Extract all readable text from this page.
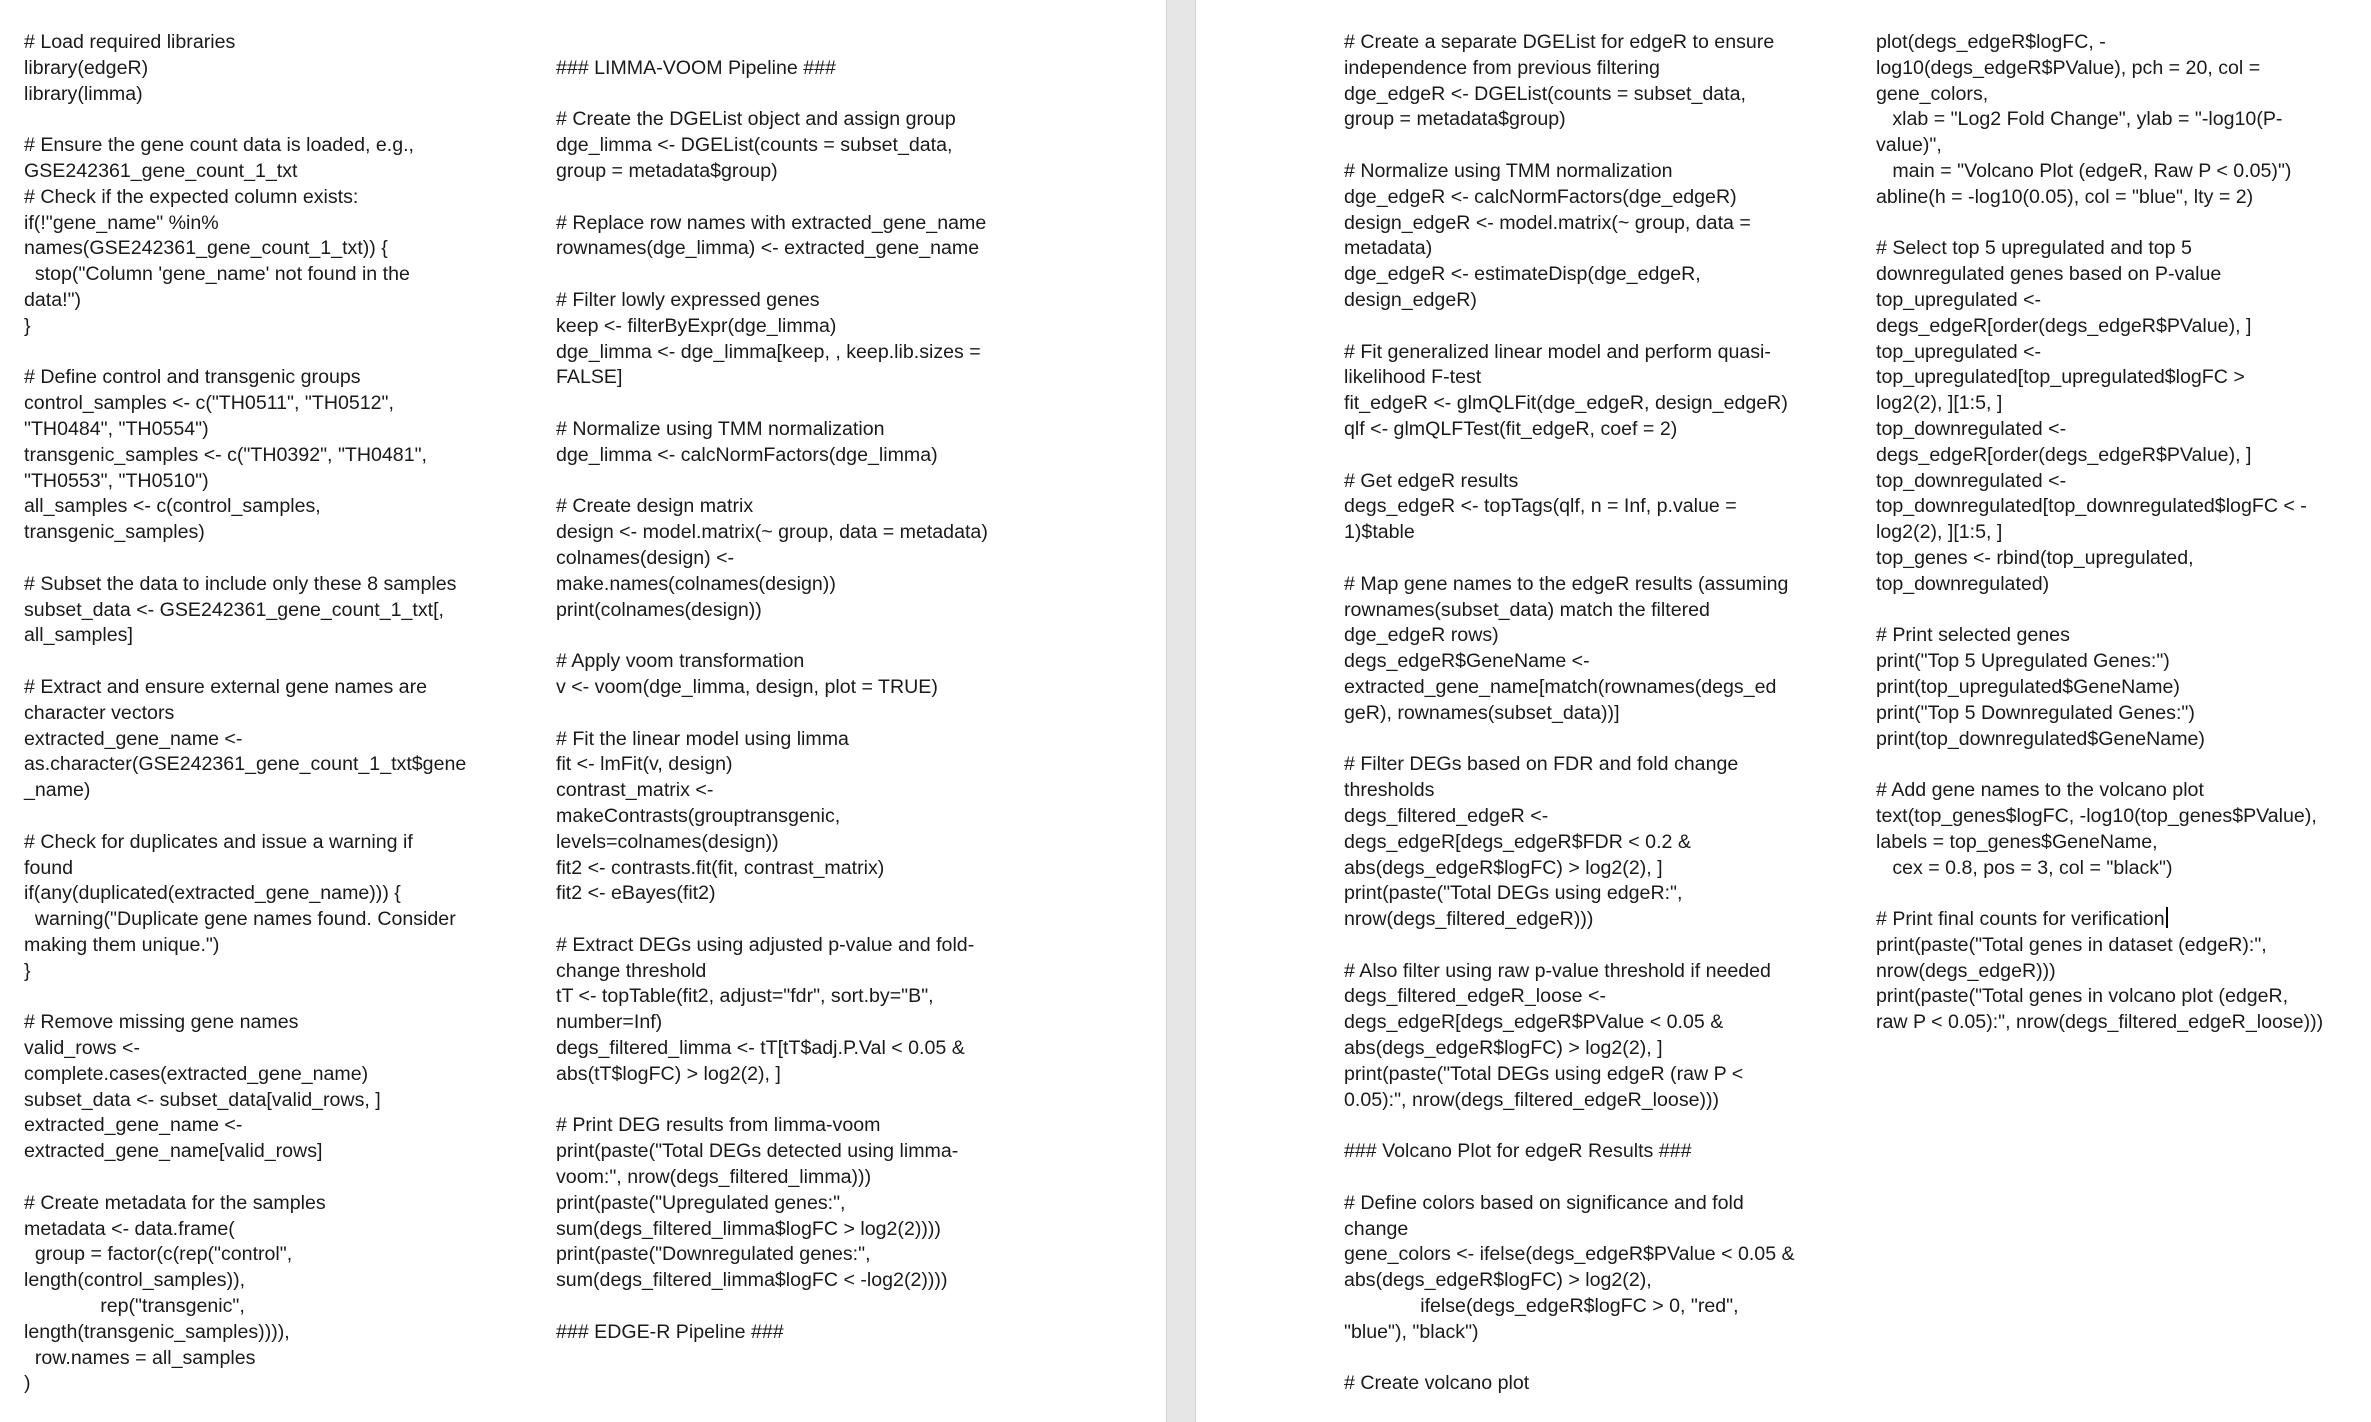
# Load required libraries
library(edgeR)
library(limma)
# Ensure the gene count data is loaded, e.g.,
GSE242361_gene_count_1_txt
# Check if the expected column exists:
if(!"gene_name" %in%
names(GSE242361_gene_count_1_txt)) {
stop("Column 'gene_name' not found in the
data!")
}
# Define control and transgenic groups
control_samples <- c("TH0511", "TH0512",
"TH0484", "TH0554")
transgenic_samples <- c("TH0392", "TH0481",
"TH0553", "TH0510")
all_samples <- c(control_samples,
transgenic_samples)
# Subset the data to include only these 8 samples
subset_data <- GSE242361_gene_count_1_txt[,
all_samples]
# Extract and ensure external gene names are
character vectors
extracted_gene_name <-
as.character(GSE242361_gene_count_1_txt$gene
_name)
# Check for duplicates and issue a warning if
found
if(any(duplicated(extracted_gene_name))) {
warning("Duplicate gene names found. Consider
making them unique.")
}
# Remove missing gene names
valid_rows <-
complete.cases(extracted_gene_name)
subset_data <- subset_data[valid_rows, ]
extracted_gene_name <-
extracted_gene_name[valid_rows]
# Create metadata for the samples
metadata <- data.frame(
group = factor(c(rep("control",
length(control_samples)),
rep("transgenic",
length(transgenic_samples)))),
row.names = all_samples
)
### LIMMA-VOOM Pipeline ###
# Create the DGEList object and assign group
dge_limma <- DGEList(counts = subset_data,
group = metadata$group)
# Replace row names with extracted_gene_name
rownames(dge_limma) <- extracted_gene_name
# Filter lowly expressed genes
keep <- filterByExpr(dge_limma)
dge_limma <- dge_limma[keep, , keep.lib.sizes =
FALSE]
# Normalize using TMM normalization
dge_limma <- calcNormFactors(dge_limma)
# Create design matrix
design <- model.matrix(~ group, data = metadata)
colnames(design) <-
make.names(colnames(design))
print(colnames(design))
# Apply voom transformation
v <- voom(dge_limma, design, plot = TRUE)
# Fit the linear model using limma
fit <- lmFit(v, design)
contrast_matrix <-
makeContrasts(grouptransgenic,
levels=colnames(design))
fit2 <- contrasts.fit(fit, contrast_matrix)
fit2 <- eBayes(fit2)
# Extract DEGs using adjusted p-value and fold-
change threshold
tT <- topTable(fit2, adjust="fdr", sort.by="B",
number=Inf)
degs_filtered_limma <- tT[tT$adj.P.Val < 0.05 &
abs(tT$logFC) > log2(2), ]
# Print DEG results from limma-voom
print(paste("Total DEGs detected using limma-
voom:", nrow(degs_filtered_limma)))
print(paste("Upregulated genes:",
sum(degs_filtered_limma$logFC > log2(2))))
print(paste("Downregulated genes:",
sum(degs_filtered_limma$logFC < -log2(2))))
### EDGE-R Pipeline ###
# Create a separate DGEList for edgeR to ensure
independence from previous filtering
dge_edgeR <- DGEList(counts = subset_data,
group = metadata$group)
# Normalize using TMM normalization
dge_edgeR <- calcNormFactors(dge_edgeR)
design_edgeR <- model.matrix(~ group, data =
metadata)
dge_edgeR <- estimateDisp(dge_edgeR,
design_edgeR)
# Fit generalized linear model and perform quasi-
likelihood F-test
fit_edgeR <- glmQLFit(dge_edgeR, design_edgeR)
qlf <- glmQLFTest(fit_edgeR, coef = 2)
# Get edgeR results
degs_edgeR <- topTags(qlf, n = Inf, p.value =
1)$table
# Map gene names to the edgeR results (assuming
rownames(subset_data) match the filtered
dge_edgeR rows)
degs_edgeR$GeneName <-
extracted_gene_name[match(rownames(degs_ed
geR), rownames(subset_data))]
# Filter DEGs based on FDR and fold change
thresholds
degs_filtered_edgeR <-
degs_edgeR[degs_edgeR$FDR < 0.2 &
abs(degs_edgeR$logFC) > log2(2), ]
print(paste("Total DEGs using edgeR:",
nrow(degs_filtered_edgeR)))
# Also filter using raw p-value threshold if needed
degs_filtered_edgeR_loose <-
degs_edgeR[degs_edgeR$PValue < 0.05 &
abs(degs_edgeR$logFC) > log2(2), ]
print(paste("Total DEGs using edgeR (raw P <
0.05):", nrow(degs_filtered_edgeR_loose)))
### Volcano Plot for edgeR Results ###
# Define colors based on significance and fold
change
gene_colors <- ifelse(degs_edgeR$PValue < 0.05 &
abs(degs_edgeR$logFC) > log2(2),
ifelse(degs_edgeR$logFC > 0, "red",
"blue"), "black")
# Create volcano plot
plot(degs_edgeR$logFC, -
log10(degs_edgeR$PValue), pch = 20, col =
gene_colors,
xlab = "Log2 Fold Change", ylab = "-log10(P-
value)",
main = "Volcano Plot (edgeR, Raw P < 0.05)")
abline(h = -log10(0.05), col = "blue", lty = 2)
# Select top 5 upregulated and top 5
downregulated genes based on P-value
top_upregulated <-
degs_edgeR[order(degs_edgeR$PValue), ]
top_upregulated <-
top_upregulated[top_upregulated$logFC >
log2(2), ][1:5, ]
top_downregulated <-
degs_edgeR[order(degs_edgeR$PValue), ]
top_downregulated <-
top_downregulated[top_downregulated$logFC < -
log2(2), ][1:5, ]
top_genes <- rbind(top_upregulated,
top_downregulated)
# Print selected genes
print("Top 5 Upregulated Genes:")
print(top_upregulated$GeneName)
print("Top 5 Downregulated Genes:")
print(top_downregulated$GeneName)
# Add gene names to the volcano plot
text(top_genes$logFC, -log10(top_genes$PValue),
labels = top_genes$GeneName,
cex = 0.8, pos = 3, col = "black")
# Print final counts for verification
print(paste("Total genes in dataset (edgeR):",
nrow(degs_edgeR)))
print(paste("Total genes in volcano plot (edgeR,
raw P < 0.05):", nrow(degs_filtered_edgeR_loose)))
